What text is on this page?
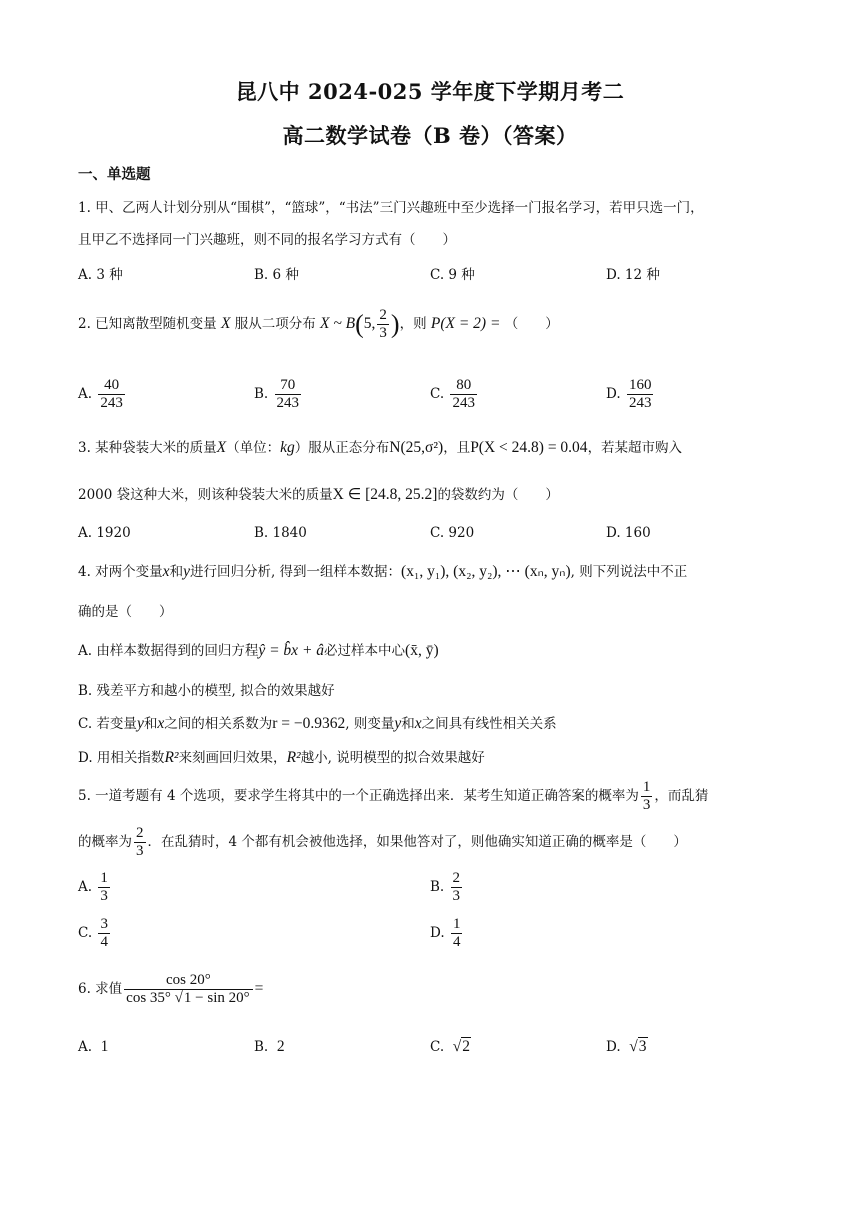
昆八中 2024-025 学年度下学期月考二
高二数学试卷（B 卷）（答案）
一、单选题
1. 甲、乙两人计划分别从“围棋”，“篮球”，“书法”三门兴趣班中至少选择一门报名学习，若甲只选一门，
且甲乙不选择同一门兴趣班，则不同的报名学习方式有（　　）
A. 3 种	B. 6 种	C. 9 种	D. 12 种
2. 已知离散型随机变量 X 服从二项分布 X ~ B(5, $\frac{2}{3}$ )，则 P(X = 2) = （　　）
A. $\frac{40}{243}$	B. $\frac{70}{243}$	C. $\frac{80}{243}$	D. $\frac{160}{243}$
3. 某种袋装大米的质量X（单位：kg）服从正态分布N(25,σ²)，且P(X < 24.8) = 0.04，若某超市购入
2000 袋这种大米，则该种袋装大米的质量X ∈ [24.8, 25.2]的袋数约为（　　）
A. 1920	B. 1840	C. 920	D. 160
4. 对两个变量x和y进行回归分析, 得到一组样本数据：(x₁, y₁), (x₂, y₂), ⋯ (xₙ, yₙ), 则下列说法中不正
确的是（　　）
A. 由样本数据得到的回归方程ŷ = b̂x + â必过样本中心(x̄, ȳ)
B. 残差平方和越小的模型, 拟合的效果越好
C. 若变量y和x之间的相关系数为r = −0.9362, 则变量y和x之间具有线性相关关系
D. 用相关指数R²来刻画回归效果，R²越小, 说明模型的拟合效果越好
5. 一道考题有 4 个选项，要求学生将其中的一个正确选择出来．某考生知道正确答案的概率为 $\frac{1}{3}$ ，而乱猜
的概率为 $\frac{2}{3}$ ．在乱猜时，4 个都有机会被他选择，如果他答对了，则他确实知道正确的概率是（　　）
A. $\frac{1}{3}$	B. $\frac{2}{3}$
C. $\frac{3}{4}$	D. $\frac{1}{4}$
6. 求值 $\frac{\cos 20^\circ}{\cos 35^\circ √1 - \sin 20^\circ}$ =
A. 1	B. 2	C. √2	D. √3
